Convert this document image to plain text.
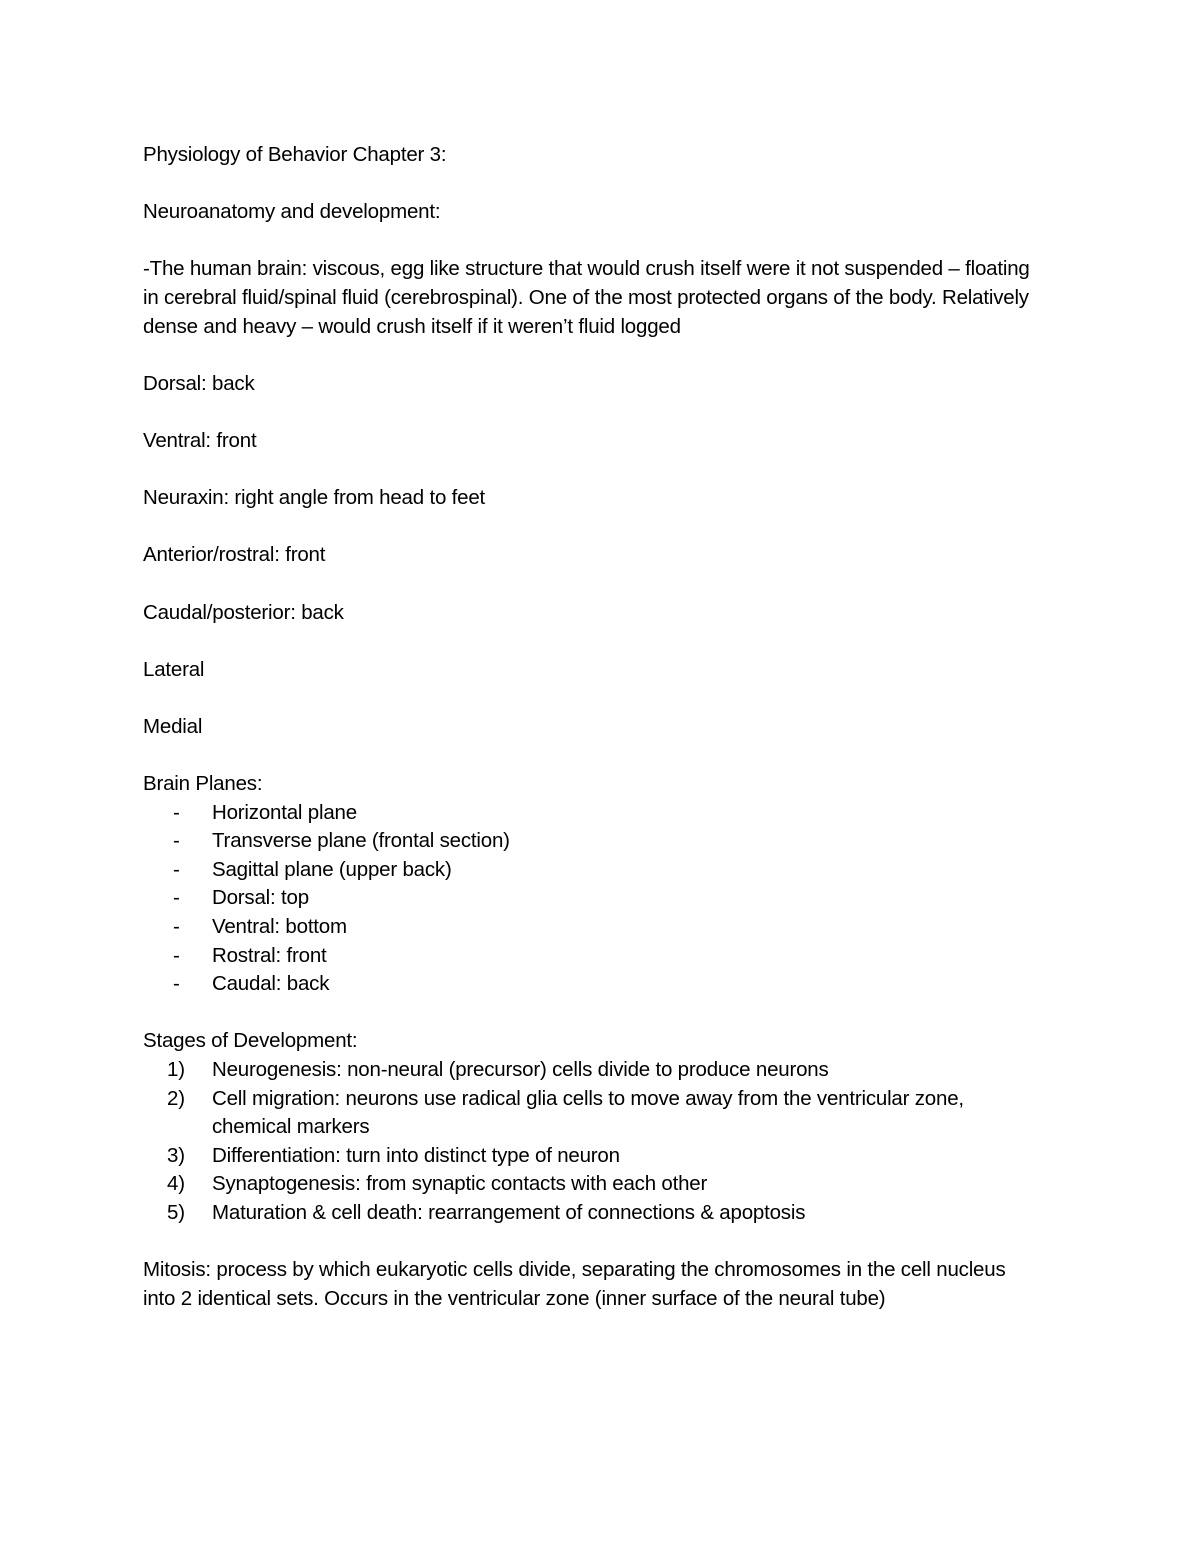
Physiology of Behavior Chapter 3:

Neuroanatomy and development:

-The human brain: viscous, egg like structure that would crush itself were it not suspended – floating in cerebral fluid/spinal fluid (cerebrospinal). One of the most protected organs of the body. Relatively dense and heavy – would crush itself if it weren’t fluid logged

Dorsal: back

Ventral: front

Neuraxin: right angle from head to feet

Anterior/rostral: front

Caudal/posterior: back

Lateral

Medial

Brain Planes:

- Horizontal plane
- Transverse plane (frontal section)
- Sagittal plane (upper back)
- Dorsal: top
- Ventral: bottom
- Rostral: front
- Caudal: back

Stages of Development:

1)	Neurogenesis: non-neural (precursor) cells divide to produce neurons
2)	Cell migration: neurons use radical glia cells to move away from the ventricular zone, chemical markers
3)	Differentiation: turn into distinct type of neuron
4)	Synaptogenesis: from synaptic contacts with each other
5)	Maturation & cell death: rearrangement of connections & apoptosis

Mitosis: process by which eukaryotic cells divide, separating the chromosomes in the cell nucleus into 2 identical sets. Occurs in the ventricular zone (inner surface of the neural tube)
